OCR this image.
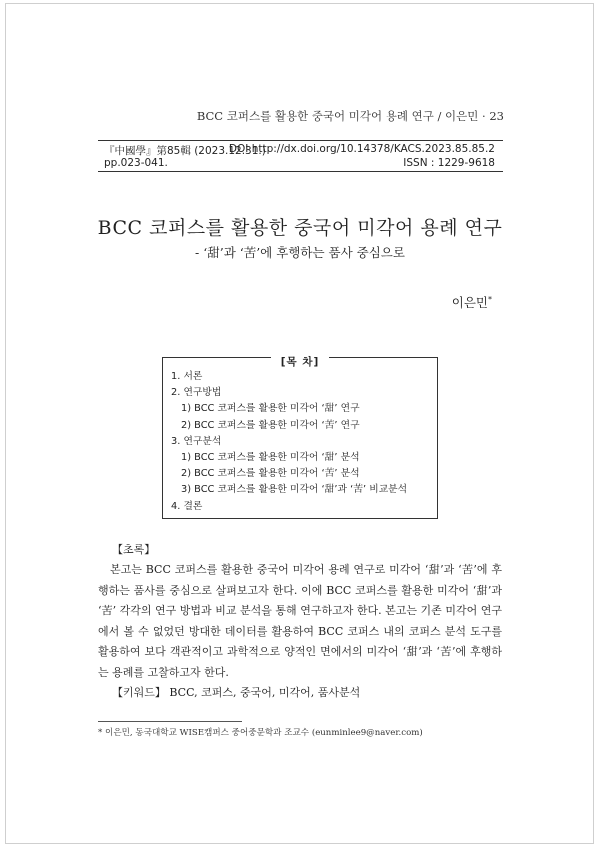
BCC 코퍼스를 활용한 중국어 미각어 용례 연구 / 이은민 · 23
『中國學』第85輯 (2023.12.31.)
DOI http://dx.doi.org/10.14378/KACS.2023.85.85.2
pp.023-041.	ISSN : 1229-9618
BCC 코퍼스를 활용한 중국어 미각어 용례 연구
- ‘甜’과 ‘苦’에 후행하는 품사 중심으로
이은민*
[목 차]
1. 서론
2. 연구방법
1) BCC 코퍼스를 활용한 미각어 ‘甜’ 연구
2) BCC 코퍼스를 활용한 미각어 ‘苦’ 연구
3. 연구분석
1) BCC 코퍼스를 활용한 미각어 ‘甜’ 분석
2) BCC 코퍼스를 활용한 미각어 ‘苦’ 분석
3) BCC 코퍼스를 활용한 미각어 ‘甜’과 ‘苦’ 비교분석
4. 결론
【초록】

본고는 BCC 코퍼스를 활용한 중국어 미각어 용례 연구로 미각어 ‘甜’과 ‘苦’에 후행하는 품사를 중심으로 살펴보고자 한다. 이에 BCC 코퍼스를 활용한 미각어 ‘甜’과 ‘苦’ 각각의 연구 방법과 비교 분석을 통해 연구하고자 한다. 본고는 기존 미각어 연구에서 볼 수 없었던 방대한 데이터를 활용하여 BCC 코퍼스 내의 코퍼스 분석 도구를 활용하여 보다 객관적이고 과학적으로 양적인 면에서의 미각어 ‘甜’과 ‘苦’에 후행하는 용례를 고찰하고자 한다.

【키워드】 BCC, 코퍼스, 중국어, 미각어, 품사분석
* 이은민, 동국대학교 WISE캠퍼스 중어중문학과 조교수 (eunminlee9@naver.com)
